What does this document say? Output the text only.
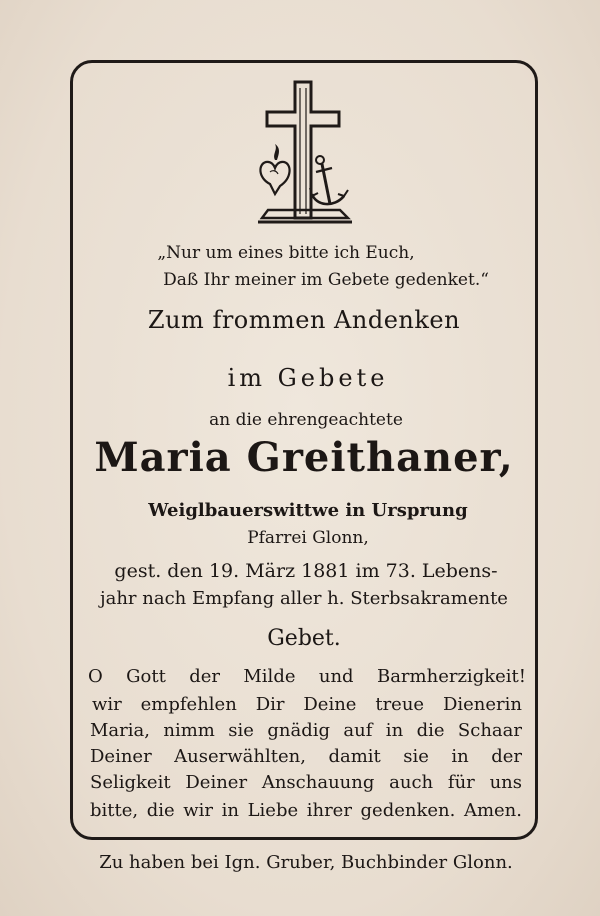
„Nur um eines bitte ich Euch,
Daß Ihr meiner im Gebete gedenket.“
Zum frommen Andenken
im Gebete
an die ehrengeachtete
Maria Greithaner,
Weiglbauerswittwe in Ursprung
Pfarrei Glonn,
gest. den 19. März 1881 im 73. Lebens-
jahr nach Empfang aller h. Sterbsakramente
Gebet.
O Gott der Milde und Barmherzigkeit!
wir empfehlen Dir Deine treue Dienerin
Maria, nimm sie gnädig auf in die Schaar
Deiner Auserwählten, damit sie in der
Seligkeit Deiner Anschauung auch für uns
bitte, die wir in Liebe ihrer gedenken. Amen.
Zu haben bei Ign. Gruber, Buchbinder Glonn.
